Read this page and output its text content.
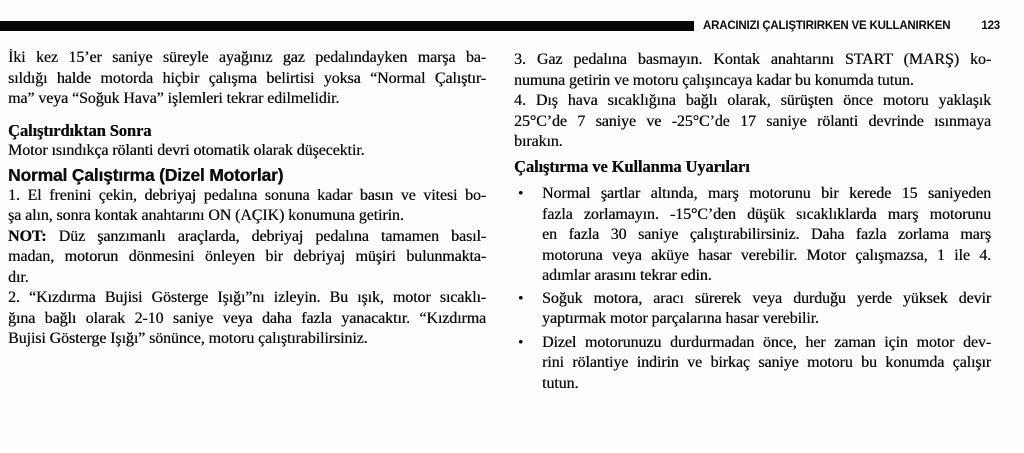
ARACINIZI ÇALIŞTIRIRKEN VE KULLANIRKEN	123

İki kez 15’er saniye süreyle ayağınız gaz pedalındayken marşa ba-
sıldığı halde motorda hiçbir çalışma belirtisi yoksa “Normal Çalıştır-
ma” veya “Soğuk Hava” işlemleri tekrar edilmelidir.

Çalıştırdıktan Sonra

Motor ısındıkça rölanti devri otomatik olarak düşecektir.

Normal Çalıştırma (Dizel Motorlar)

1. El frenini çekin, debriyaj pedalına sonuna kadar basın ve vitesi bo-
şa alın, sonra kontak anahtarını ON (AÇIK) konumuna getirin.

NOT: Düz şanzımanlı araçlarda, debriyaj pedalına tamamen basıl-
madan, motorun dönmesini önleyen bir debriyaj müşiri bulunmakta-
dır.

2. “Kızdırma Bujisi Gösterge Işığı”nı izleyin. Bu ışık, motor sıcaklı-
ğına bağlı olarak 2-10 saniye veya daha fazla yanacaktır. “Kızdırma
Bujisi Gösterge Işığı” sönünce, motoru çalıştırabilirsiniz.

3. Gaz pedalına basmayın. Kontak anahtarını START (MARŞ) ko-
numuna getirin ve motoru çalışıncaya kadar bu konumda tutun.

4. Dış hava sıcaklığına bağlı olarak, sürüşten önce motoru yaklaşık
25°C’de 7 saniye ve -25°C’de 17 saniye rölanti devrinde ısınmaya
bırakın.

Çalıştırma ve Kullanma Uyarıları
•	Normal şartlar altında, marş motorunu bir kerede 15 saniyeden
fazla zorlamayın. -15°C’den düşük sıcaklıklarda marş motorunu
en fazla 30 saniye çalıştırabilirsiniz. Daha fazla zorlama marş
motoruna veya aküye hasar verebilir. Motor çalışmazsa, 1 ile 4.
adımlar arasını tekrar edin.
•	Soğuk motora, aracı sürerek veya durduğu yerde yüksek devir
yaptırmak motor parçalarına hasar verebilir.
•	Dizel motorunuzu durdurmadan önce, her zaman için motor dev-
rini rölantiye indirin ve birkaç saniye motoru bu konumda çalışır
tutun.
